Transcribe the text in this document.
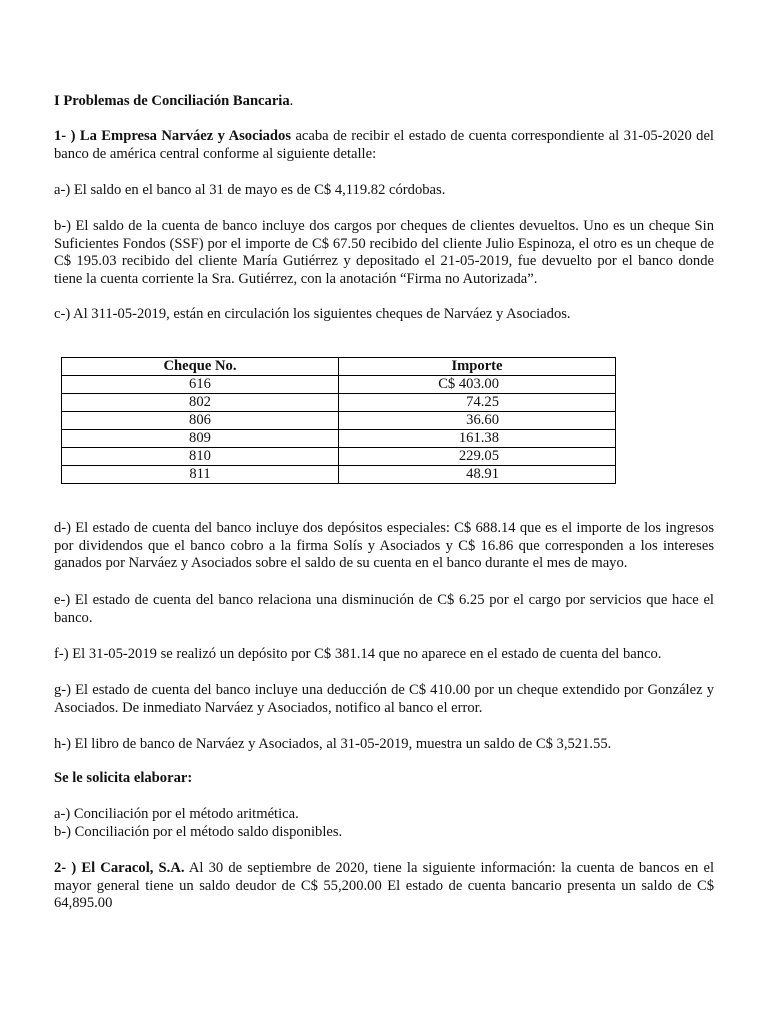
I Problemas de Conciliación Bancaria.
1- ) La Empresa Narváez y Asociados acaba de recibir el estado de cuenta correspondiente al 31-05-2020 del banco de américa central conforme al siguiente detalle:
a-) El saldo en el banco al 31 de mayo es de C$ 4,119.82 córdobas.
b-) El saldo de la cuenta de banco incluye dos cargos por cheques de clientes devueltos. Uno es un cheque Sin Suficientes Fondos (SSF) por el importe de C$ 67.50 recibido del cliente Julio Espinoza, el otro es un cheque de C$ 195.03 recibido del cliente María Gutiérrez y depositado el 21-05-2019, fue devuelto por el banco donde tiene la cuenta corriente la Sra. Gutiérrez, con la anotación “Firma no Autorizada”.
c-) Al 311-05-2019, están en circulación los siguientes cheques de Narváez y Asociados.
Cheque No.	Importe
616	C$ 403.00
802	74.25
806	36.60
809	161.38
810	229.05
811	48.91
d-) El estado de cuenta del banco incluye dos depósitos especiales: C$ 688.14 que es el importe de los ingresos por dividendos que el banco cobro a la firma Solís y Asociados y C$ 16.86 que corresponden a los intereses ganados por Narváez y Asociados sobre el saldo de su cuenta en el banco durante el mes de mayo.
e-) El estado de cuenta del banco relaciona una disminución de C$ 6.25 por el cargo por servicios que hace el banco.
f-) El 31-05-2019 se realizó un depósito por C$ 381.14 que no aparece en el estado de cuenta del banco.
g-) El estado de cuenta del banco incluye una deducción de C$ 410.00 por un cheque extendido por González y Asociados. De inmediato Narváez y Asociados, notifico al banco el error.
h-) El libro de banco de Narváez y Asociados, al 31-05-2019, muestra un saldo de C$ 3,521.55.
Se le solicita elaborar:
a-) Conciliación por el método aritmética.
b-) Conciliación por el método saldo disponibles.
2- ) El Caracol, S.A. Al 30 de septiembre de 2020, tiene la siguiente información: la cuenta de bancos en el mayor general tiene un saldo deudor de C$ 55,200.00 El estado de cuenta bancario presenta un saldo de C$ 64,895.00
